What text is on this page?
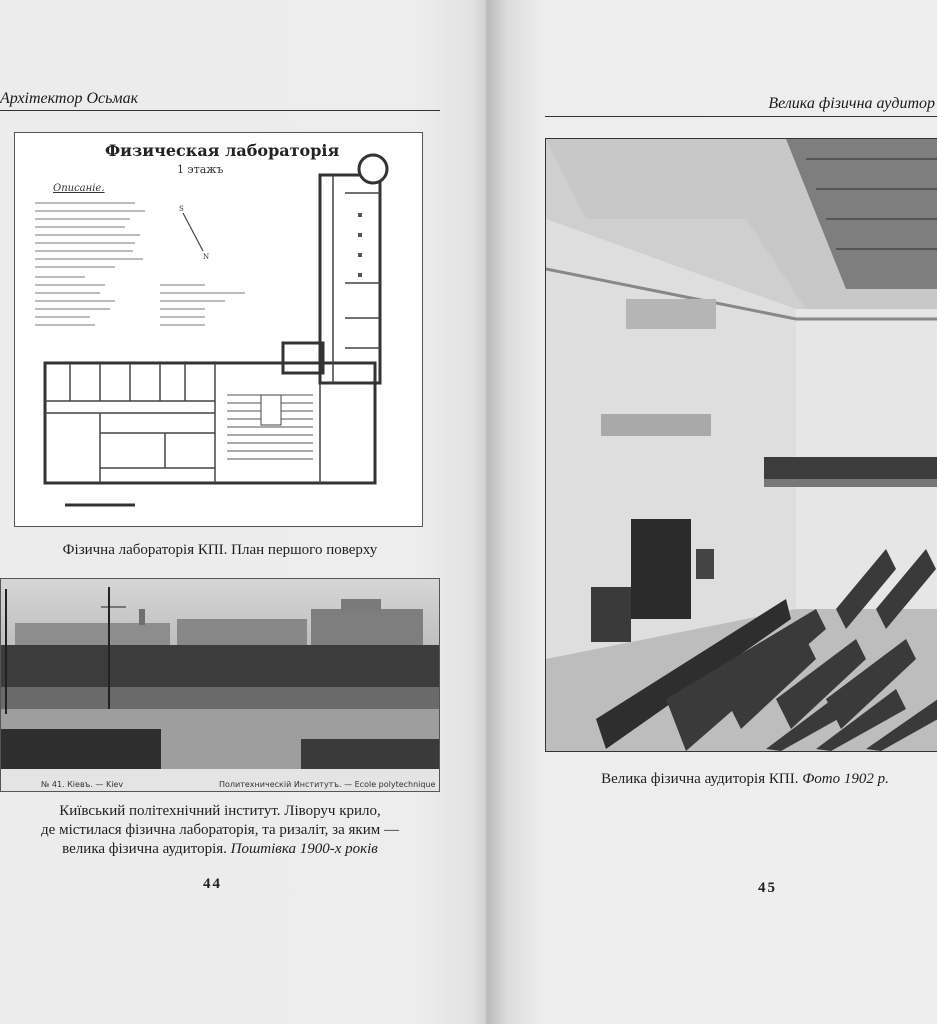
Архітектор Осьмак
Физическая лабораторія
1 этажъ
Описаніе.
S
N
Фізична лабораторія КПІ. План першого поверху
№ 41. Кіевъ. — Kiev	Политехническій Институтъ. — Ecole polytechnique
Київський політехнічний інститут. Ліворуч крило,
де містилася фізична лабораторія, та ризаліт, за яким —
велика фізична аудиторія. Поштівка 1900-х років
44
Велика фізична аудитор
Велика фізична аудиторія КПІ. Фото 1902 р.
45
